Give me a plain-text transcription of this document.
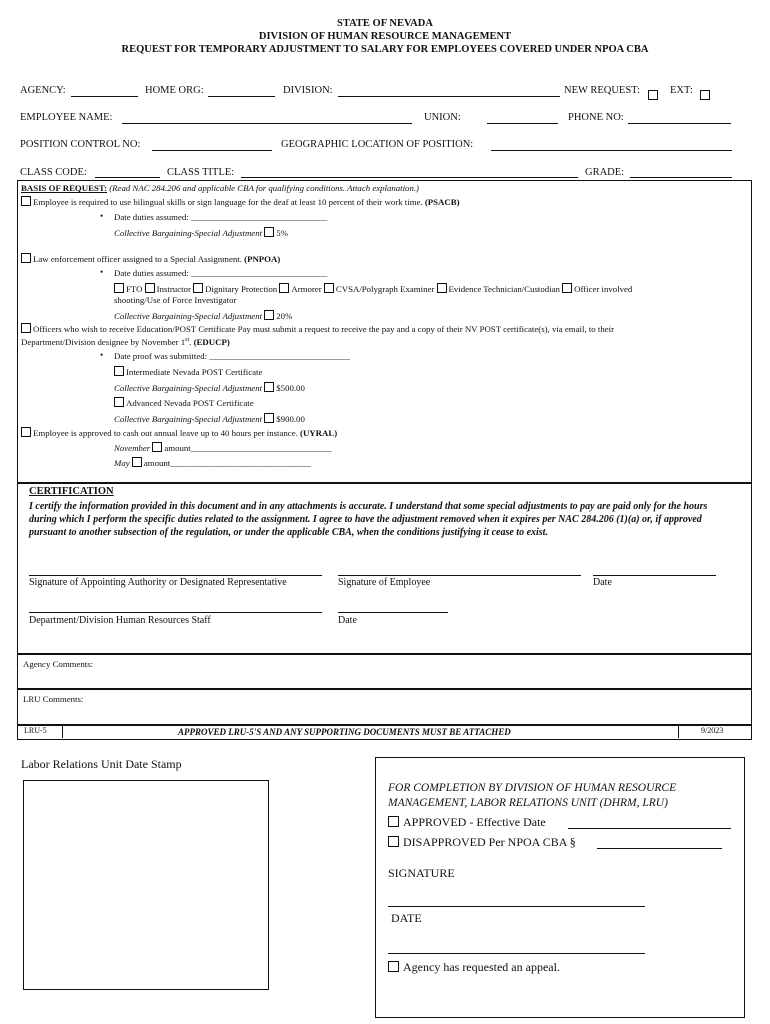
STATE OF NEVADA
DIVISION OF HUMAN RESOURCE MANAGEMENT
REQUEST FOR TEMPORARY ADJUSTMENT TO SALARY FOR EMPLOYEES COVERED UNDER NPOA CBA
AGENCY:	HOME ORG:	DIVISION:	NEW REQUEST:	EXT:
EMPLOYEE NAME:	UNION:	PHONE NO:
POSITION CONTROL NO:	GEOGRAPHIC LOCATION OF POSITION:
CLASS CODE:	CLASS TITLE:	GRADE:
BASIS OF REQUEST: (Read NAC 284.206 and applicable CBA for qualifying conditions. Attach explanation.)
Employee is required to use bilingual skills or sign language for the deaf at least 10 percent of their work time. (PSACB)
• Date duties assumed: _______________________________
Collective Bargaining-Special Adjustment 5%
Law enforcement officer assigned to a Special Assignment. (PNPOA)
• Date duties assumed: _______________________________
FTO Instructor Dignitary Protection Armorer CVSA/Polygraph Examiner Evidence Technician/Custodian Officer involved
shooting/Use of Force Investigator
Collective Bargaining-Special Adjustment 20%
Officers who wish to receive Education/POST Certificate Pay must submit a request to receive the pay and a copy of their NV POST certificate(s), via email, to their
Department/Division designee by November 1st. (EDUCP)
• Date proof was submitted: ________________________________
Intermediate Nevada POST Certificate
Collective Bargaining-Special Adjustment $500.00
Advanced Nevada POST Certificate
Collective Bargaining-Special Adjustment $900.00
Employee is approved to cash out annual leave up to 40 hours per instance. (UYRAL)
November amount________________________________
May amount________________________________
CERTIFICATION
I certify the information provided in this document and in any attachments is accurate. I understand that some special adjustments to pay are paid only for the hours during which I perform the specific duties related to the assignment. I agree to have the adjustment removed when it expires per NAC 284.206 (1)(a) or, if approved pursuant to another subsection of the regulation, or under the applicable CBA, when the conditions justifying it cease to exist.
Signature of Appointing Authority or Designated Representative	Signature of Employee	Date
Department/Division Human Resources Staff	Date
Agency Comments:
LRU Comments:
LRU-5	APPROVED LRU-5'S AND ANY SUPPORTING DOCUMENTS MUST BE ATTACHED	9/2023
Labor Relations Unit Date Stamp
FOR COMPLETION BY DIVISION OF HUMAN RESOURCE MANAGEMENT, LABOR RELATIONS UNIT (DHRM, LRU)
APPROVED - Effective Date
DISAPPROVED Per NPOA CBA §
SIGNATURE
DATE
Agency has requested an appeal.
